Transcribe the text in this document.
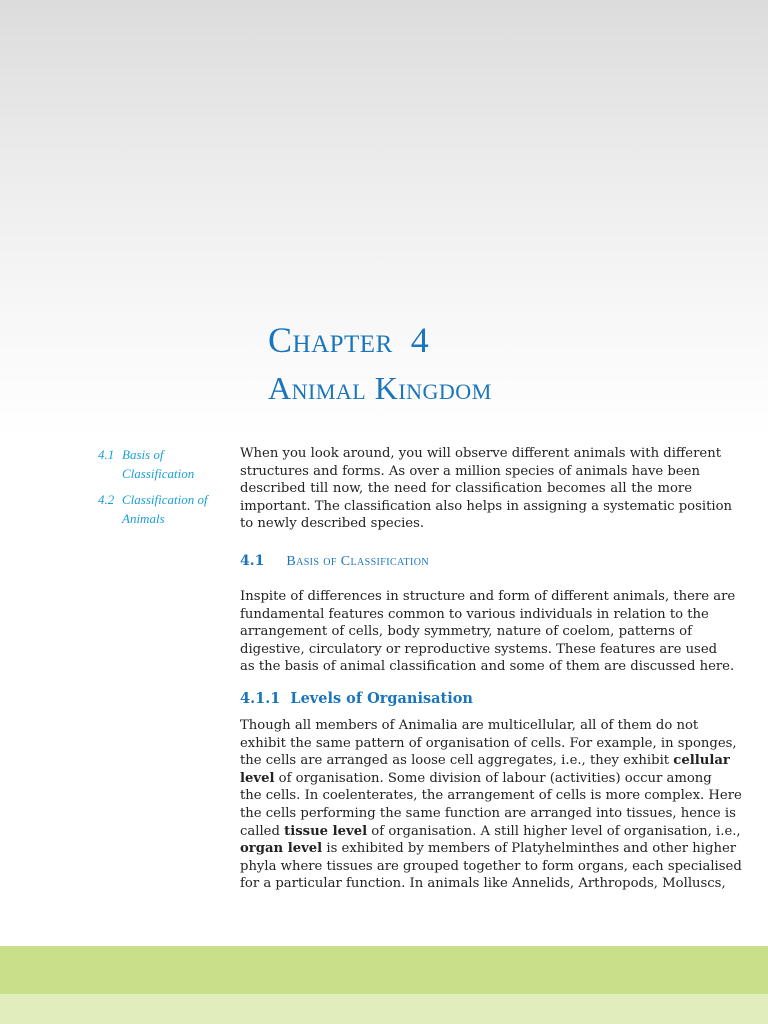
Chapter 4
Animal Kingdom
4.1 Basis of
Classification
4.2 Classification of
Animals

When you look around, you will observe different animals with different
structures and forms. As over a million species of animals have been
described till now, the need for classification becomes all the more
important. The classification also helps in assigning a systematic position
to newly described species.

4.1 Basis of Classification

Inspite of differences in structure and form of different animals, there are
fundamental features common to various individuals in relation to the
arrangement of cells, body symmetry, nature of coelom, patterns of
digestive, circulatory or reproductive systems. These features are used
as the basis of animal classification and some of them are discussed here.

4.1.1 Levels of Organisation

Though all members of Animalia are multicellular, all of them do not
exhibit the same pattern of organisation of cells. For example, in sponges,
the cells are arranged as loose cell aggregates, i.e., they exhibit cellular
level of organisation. Some division of labour (activities) occur among
the cells. In coelenterates, the arrangement of cells is more complex. Here
the cells performing the same function are arranged into tissues, hence is
called tissue level of organisation. A still higher level of organisation, i.e.,
organ level is exhibited by members of Platyhelminthes and other higher
phyla where tissues are grouped together to form organs, each specialised
for a particular function. In animals like Annelids, Arthropods, Molluscs,
